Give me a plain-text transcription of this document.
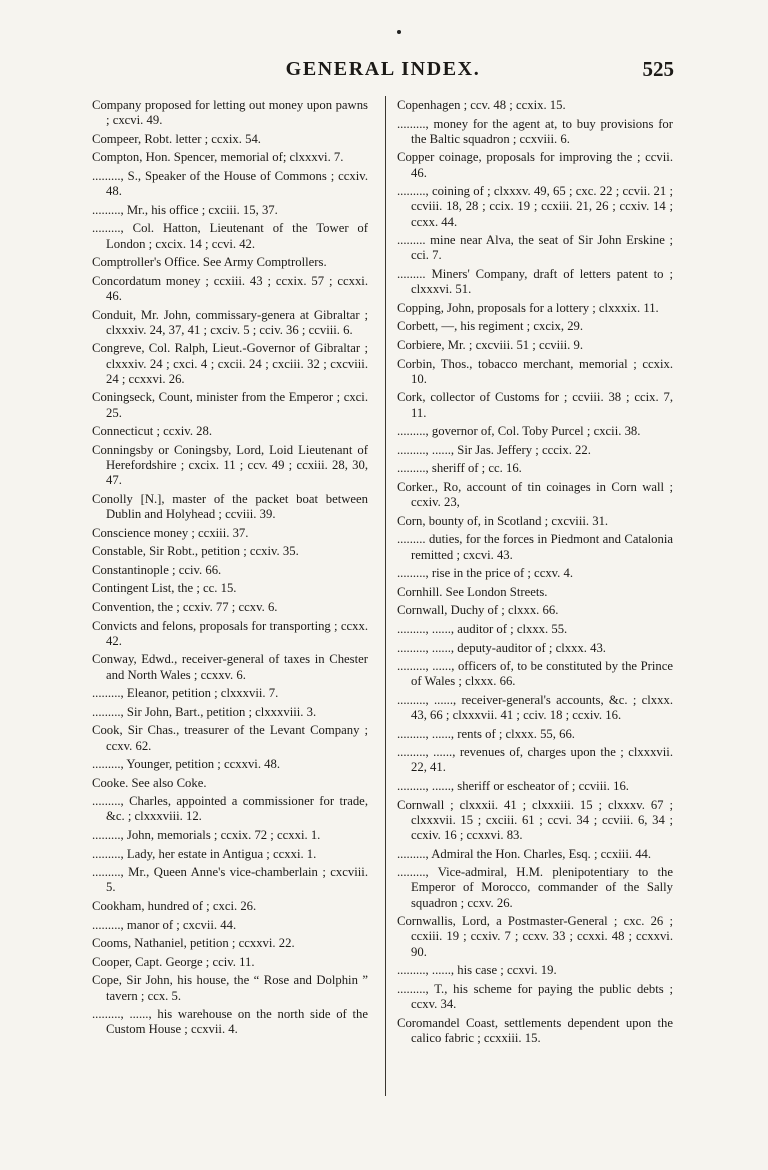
GENERAL INDEX.	525
Company proposed for letting out money upon pawns ; cxcvi. 49.
Compeer, Robt. letter ; ccxix. 54.
Compton, Hon. Spencer, memorial of; clxxxvi. 7.
........., S., Speaker of the House of Commons ; ccxiv. 48.
........., Mr., his office ; cxciii. 15, 37.
........., Col. Hatton, Lieutenant of the Tower of London ; cxcix. 14 ; ccvi. 42.
Comptroller's Office. See Army Comptrollers.
Concordatum money ; ccxiii. 43 ; ccxix. 57 ; ccxxi. 46.
Conduit, Mr. John, commissary-genera at Gibraltar ; clxxxiv. 24, 37, 41 ; cxciv. 5 ; cciv. 36 ; ccviii. 6.
Congreve, Col. Ralph, Lieut.-Governor of Gibraltar ; clxxxiv. 24 ; cxci. 4 ; cxcii. 24 ; cxciii. 32 ; cxcviii. 24 ; ccxxvi. 26.
Coningseck, Count, minister from the Emperor ; cxci. 25.
Connecticut ; ccxiv. 28.
Conningsby or Coningsby, Lord, Loid Lieutenant of Herefordshire ; cxcix. 11 ; ccv. 49 ; ccxiii. 28, 30, 47.
Conolly [N.], master of the packet boat between Dublin and Holyhead ; ccviii. 39.
Conscience money ; ccxiii. 37.
Constable, Sir Robt., petition ; ccxiv. 35.
Constantinople ; cciv. 66.
Contingent List, the ; cc. 15.
Convention, the ; ccxiv. 77 ; ccxv. 6.
Convicts and felons, proposals for transporting ; ccxx. 42.
Conway, Edwd., receiver-general of taxes in Chester and North Wales ; ccxxv. 6.
........., Eleanor, petition ; clxxxvii. 7.
........., Sir John, Bart., petition ; clxxxviii. 3.
Cook, Sir Chas., treasurer of the Levant Company ; ccxv. 62.
........., Younger, petition ; ccxxvi. 48.
Cooke. See also Coke.
........., Charles, appointed a commissioner for trade, &c. ; clxxxviii. 12.
........., John, memorials ; ccxix. 72 ; ccxxi. 1.
........., Lady, her estate in Antigua ; ccxxi. 1.
........., Mr., Queen Anne's vice-chamberlain ; cxcviii. 5.
Cookham, hundred of ; cxci. 26.
........., manor of ; cxcvii. 44.
Cooms, Nathaniel, petition ; ccxxvi. 22.
Cooper, Capt. George ; cciv. 11.
Cope, Sir John, his house, the “ Rose and Dolphin ” tavern ; ccx. 5.
........., ......, his warehouse on the north side of the Custom House ; ccxvii. 4.
Copenhagen ; ccv. 48 ; ccxix. 15.
........., money for the agent at, to buy provisions for the Baltic squadron ; ccxviii. 6.
Copper coinage, proposals for improving the ; ccvii. 46.
........., coining of ; clxxxv. 49, 65 ; cxc. 22 ; ccvii. 21 ; ccviii. 18, 28 ; ccix. 19 ; ccxiii. 21, 26 ; ccxiv. 14 ; ccxx. 44.
......... mine near Alva, the seat of Sir John Erskine ; cci. 7.
......... Miners' Company, draft of letters patent to ; clxxxvi. 51.
Copping, John, proposals for a lottery ; clxxxix. 11.
Corbett, —, his regiment ; cxcix, 29.
Corbiere, Mr. ; cxcviii. 51 ; ccviii. 9.
Corbin, Thos., tobacco merchant, memorial ; ccxix. 10.
Cork, collector of Customs for ; ccviii. 38 ; ccix. 7, 11.
........., governor of, Col. Toby Purcel ; cxcii. 38.
........., ......, Sir Jas. Jeffery ; cccix. 22.
........., sheriff of ; cc. 16.
Corker., Ro, account of tin coinages in Corn wall ; ccxiv. 23,
Corn, bounty of, in Scotland ; cxcviii. 31.
......... duties, for the forces in Piedmont and Catalonia remitted ; cxcvi. 43.
........., rise in the price of ; ccxv. 4.
Cornhill. See London Streets.
Cornwall, Duchy of ; clxxx. 66.
........., ......, auditor of ; clxxx. 55.
........., ......, deputy-auditor of ; clxxx. 43.
........., ......, officers of, to be constituted by the Prince of Wales ; clxxx. 66.
........., ......, receiver-general's accounts, &c. ; clxxx. 43, 66 ; clxxxvii. 41 ; cciv. 18 ; ccxiv. 16.
........., ......, rents of ; clxxx. 55, 66.
........., ......, revenues of, charges upon the ; clxxxvii. 22, 41.
........., ......, sheriff or escheator of ; ccviii. 16.
Cornwall ; clxxxii. 41 ; clxxxiii. 15 ; clxxxv. 67 ; clxxxvii. 15 ; cxciii. 61 ; ccvi. 34 ; ccviii. 6, 34 ; ccxiv. 16 ; ccxxvi. 83.
........., Admiral the Hon. Charles, Esq. ; ccxiii. 44.
........., Vice-admiral, H.M. plenipotentiary to the Emperor of Morocco, commander of the Sally squadron ; ccxv. 26.
Cornwallis, Lord, a Postmaster-General ; cxc. 26 ; ccxiii. 19 ; ccxiv. 7 ; ccxv. 33 ; ccxxi. 48 ; ccxxvi. 90.
........., ......, his case ; ccxvi. 19.
........., T., his scheme for paying the public debts ; ccxv. 34.
Coromandel Coast, settlements dependent upon the calico fabric ; ccxxiii. 15.
